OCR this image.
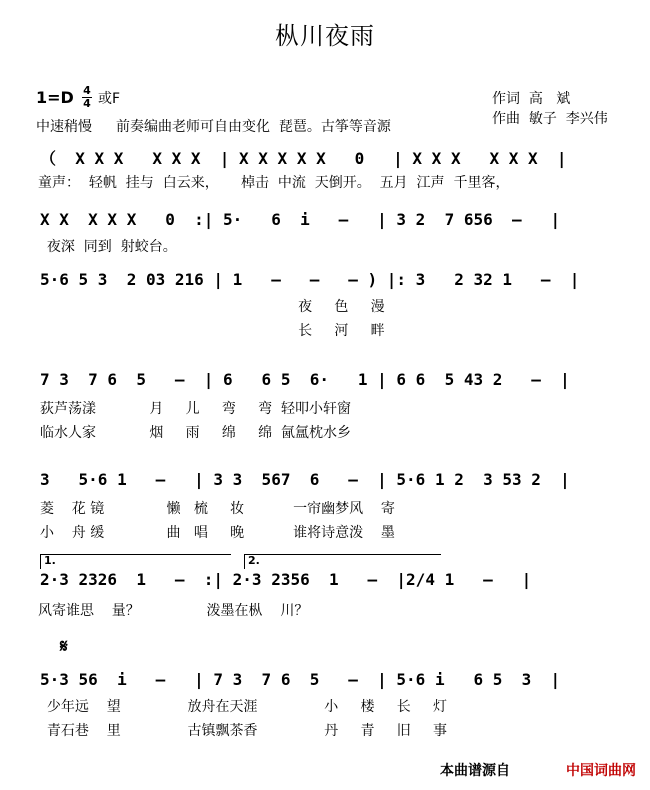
枞川夜雨
1=D 4
4 或F
中速稍慢 前奏编曲老师可自由变化  琵琶。古筝等音源
作词  高   斌
作曲  敏子  李兴伟
（  X X X   X X X  | X X X X X   0   | X X X   X X X  |
童声：  轻帆  挂与  白云来，     棹击  中流  天倒开。  五月  江声  千里客，
X X  X X X   0  :| 5·   6  i   –   | 3 2  7 656  –   |
夜深  同到  射蛟台。
5·6 5 3  2 03 216 | 1   –   –   – ) |: 3   2 32 1   –  |
夜     色     漫
长     河     畔
7 3  7 6  5   –  | 6   6 5  6·   1 | 6 6  5 43 2   –  |
荻芦荡漾            月     儿     弯     弯  轻叩小轩窗
临水人家            烟     雨     绵     绵  氤氲枕水乡
3   5·6 1   –   | 3 3  567  6   –  | 5·6 1 2  3 53 2  |
菱    花 镜              懒   梳     妆           一帘幽梦风    寄
小    舟 缓              曲   唱     晚           谁将诗意泼    墨
1.	2.
2·3 2326  1   –  :| 2·3 2356  1   –  |2/4 1   –   |
风寄谁思    量？               泼墨在枞    川？
𝄋
5·3 56  i   –   | 7 3  7 6  5   –  | 5·6 i   6 5  3  |
少年远    望               放舟在天涯               小     楼     长     灯
青石巷    里               古镇飘茶香               丹     青     旧     事
本曲谱源自	中国词曲网
